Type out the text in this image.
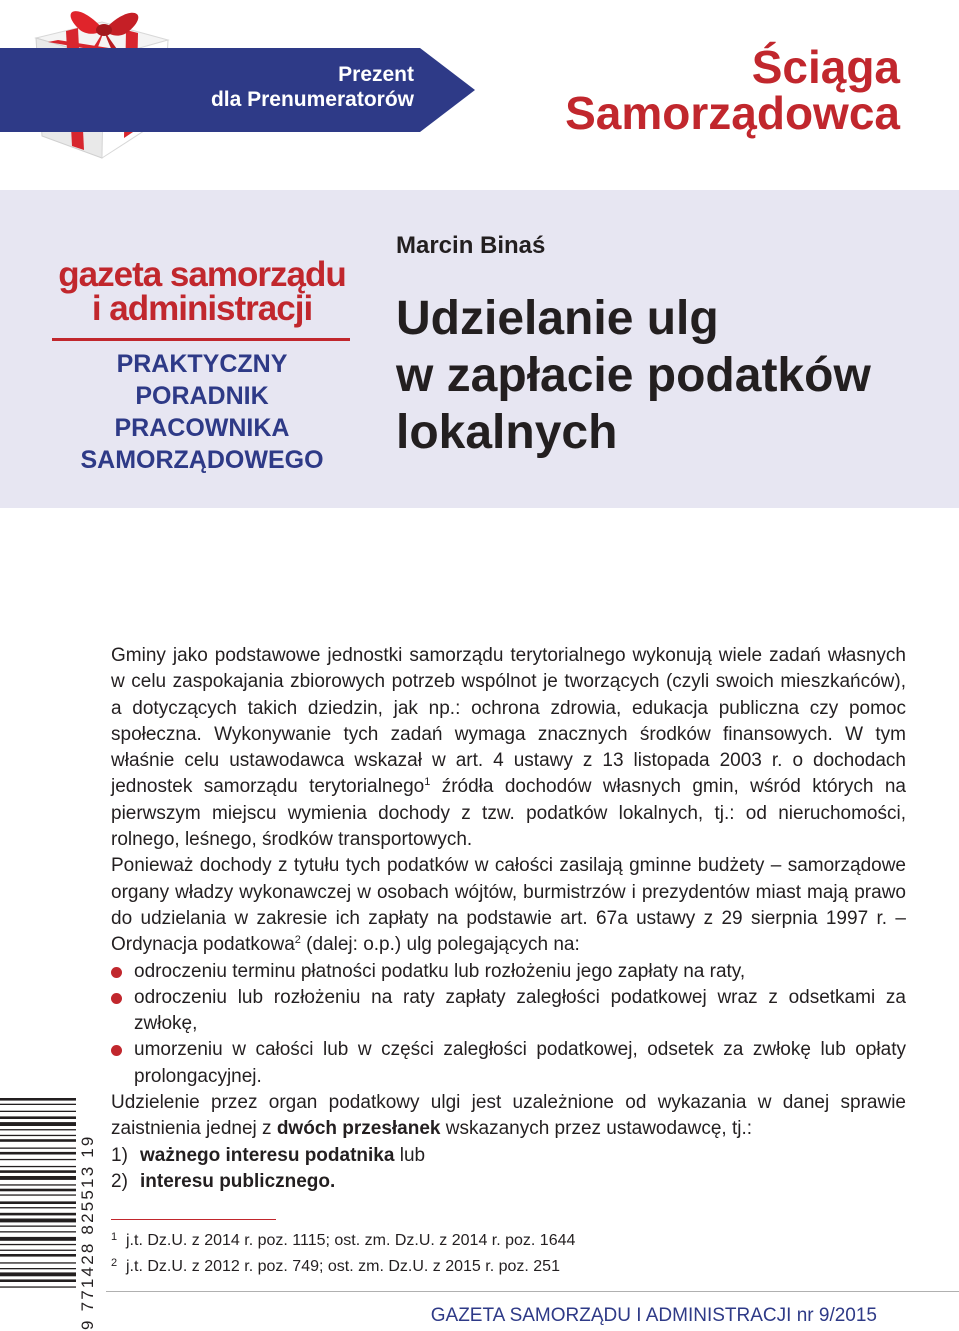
Prezent
dla Prenumeratorów
Ściąga
Samorządowca
gazeta samorządu
i administracji
PRAKTYCZNY PORADNIK
PRACOWNIKA
SAMORZĄDOWEGO
Marcin Binaś
Udzielanie ulg
w zapłacie podatków
lokalnych

Gminy jako podstawowe jednostki samorządu terytorialnego wykonują wiele zadań własnych w celu zaspokajania zbiorowych potrzeb wspólnot je tworzących (czyli swoich mieszkańców), a dotyczących takich dziedzin, jak np.: ochrona zdrowia, edukacja publiczna czy pomoc społeczna. Wykonywanie tych zadań wymaga znacznych środków finansowych. W tym właśnie celu ustawodawca wskazał w art. 4 ustawy z 13 listopada 2003 r. o dochodach jednostek samorządu terytorialnego$^1$ źródła dochodów własnych gmin, wśród których na pierwszym miejscu wymienia dochody z tzw. podatków lokalnych, tj.: od nieruchomości, rolnego, leśnego, środków transportowych.

Ponieważ dochody z tytułu tych podatków w całości zasilają gminne budżety – samorządowe organy władzy wykonawczej w osobach wójtów, burmistrzów i prezydentów miast mają prawo do udzielania w zakresie ich zapłaty na podstawie art. 67a ustawy z 29 sierpnia 1997 r. – Ordynacja podatkowa$^2$ (dalej: o.p.) ulg polegających na:

odroczeniu terminu płatności podatku lub rozłożeniu jego zapłaty na raty,
odroczeniu lub rozłożeniu na raty zapłaty zaległości podatkowej wraz z odsetkami za zwłokę,
umorzeniu w całości lub w części zaległości podatkowej, odsetek za zwłokę lub opłaty prolongacyjnej.

Udzielenie przez organ podatkowy ulgi jest uzależnione od wykazania w danej sprawie zaistnienia jednej z dwóch przesłanek wskazanych przez ustawodawcę, tj.:

1) ważnego interesu podatnika lub
2) interesu publicznego.
1 j.t. Dz.U. z 2014 r. poz. 1115; ost. zm. Dz.U. z 2014 r. poz. 1644
2 j.t. Dz.U. z 2012 r. poz. 749; ost. zm. Dz.U. z 2015 r. poz. 251
GAZETA SAMORZĄDU I ADMINISTRACJI nr 9/2015
9 771428 825513 19
